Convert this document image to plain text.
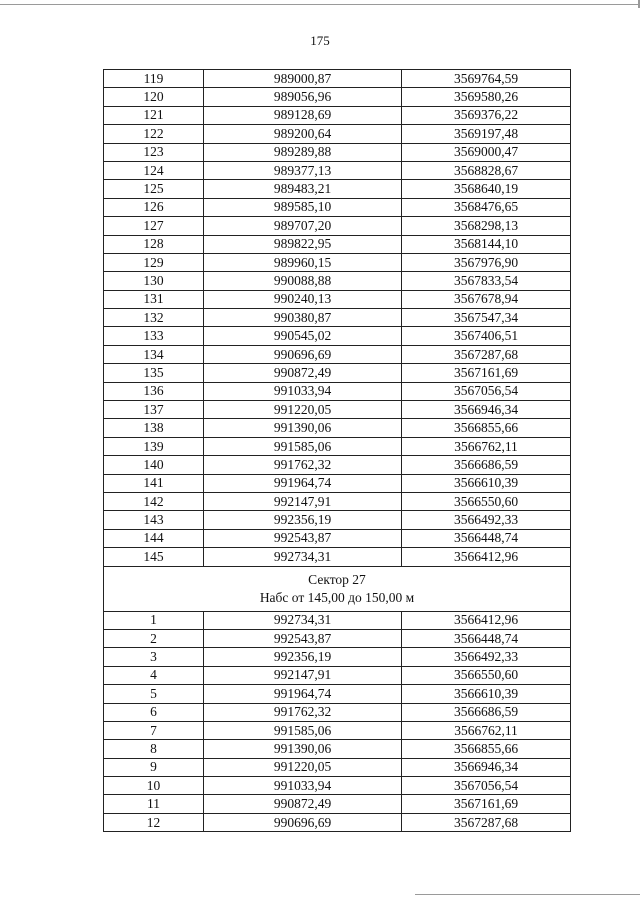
175
119	989000,87	3569764,59
120	989056,96	3569580,26
121	989128,69	3569376,22
122	989200,64	3569197,48
123	989289,88	3569000,47
124	989377,13	3568828,67
125	989483,21	3568640,19
126	989585,10	3568476,65
127	989707,20	3568298,13
128	989822,95	3568144,10
129	989960,15	3567976,90
130	990088,88	3567833,54
131	990240,13	3567678,94
132	990380,87	3567547,34
133	990545,02	3567406,51
134	990696,69	3567287,68
135	990872,49	3567161,69
136	991033,94	3567056,54
137	991220,05	3566946,34
138	991390,06	3566855,66
139	991585,06	3566762,11
140	991762,32	3566686,59
141	991964,74	3566610,39
142	992147,91	3566550,60
143	992356,19	3566492,33
144	992543,87	3566448,74
145	992734,31	3566412,96

Сектор 27
Набс от 145,00 до 150,00 м		

1	992734,31	3566412,96
2	992543,87	3566448,74
3	992356,19	3566492,33
4	992147,91	3566550,60
5	991964,74	3566610,39
6	991762,32	3566686,59
7	991585,06	3566762,11
8	991390,06	3566855,66
9	991220,05	3566946,34
10	991033,94	3567056,54
11	990872,49	3567161,69
12	990696,69	3567287,68
